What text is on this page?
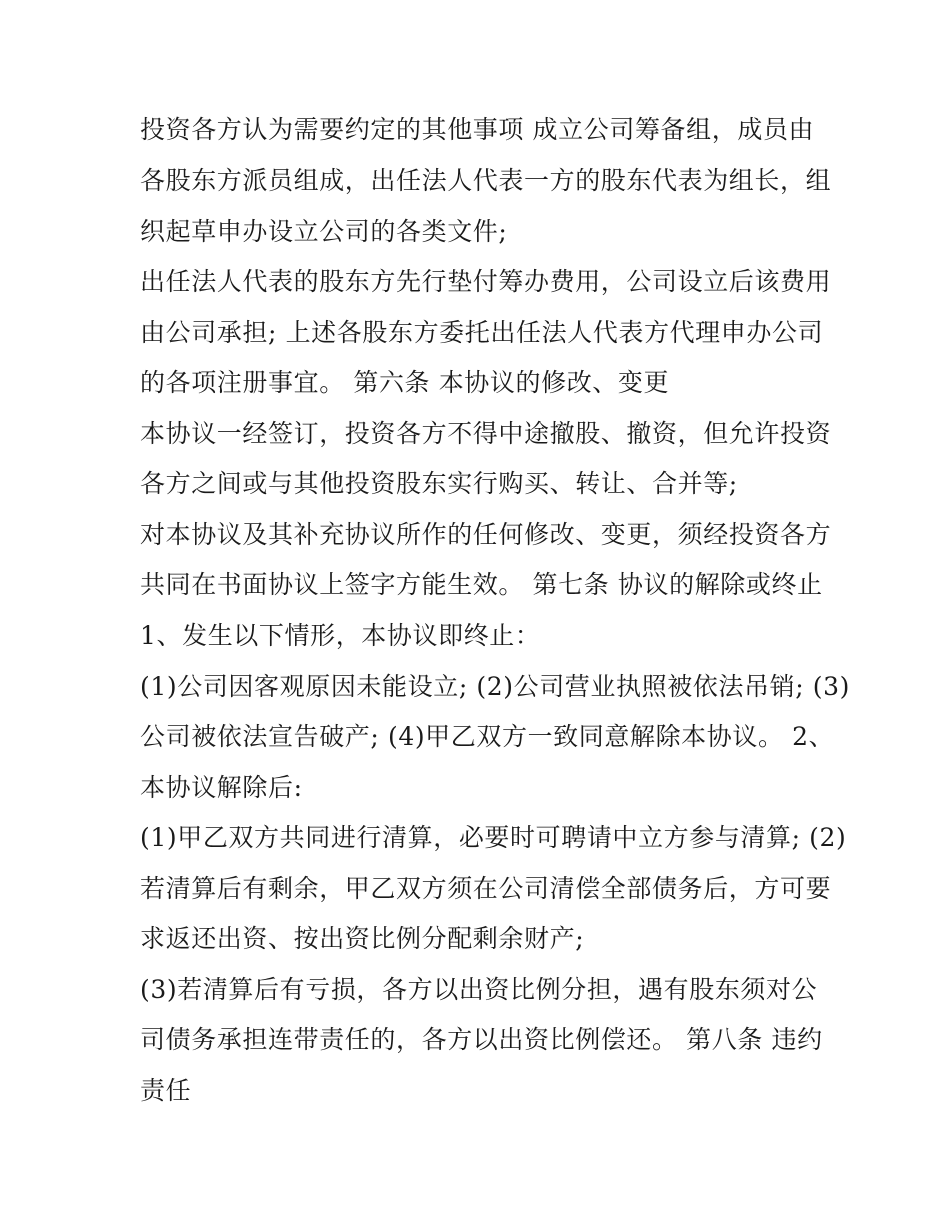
投资各方认为需要约定的其他事项 成立公司筹备组，成员由
各股东方派员组成，出任法人代表一方的股东代表为组长，组
织起草申办设立公司的各类文件;
出任法人代表的股东方先行垫付筹办费用，公司设立后该费用
由公司承担; 上述各股东方委托出任法人代表方代理申办公司
的各项注册事宜。 第六条 本协议的修改、变更
本协议一经签订，投资各方不得中途撤股、撤资，但允许投资
各方之间或与其他投资股东实行购买、转让、合并等;
对本协议及其补充协议所作的任何修改、变更，须经投资各方
共同在书面协议上签字方能生效。 第七条 协议的解除或终止
1、发生以下情形，本协议即终止：
(1)公司因客观原因未能设立; (2)公司营业执照被依法吊销; (3)
公司被依法宣告破产; (4)甲乙双方一致同意解除本协议。 2、
本协议解除后:
(1)甲乙双方共同进行清算，必要时可聘请中立方参与清算; (2)
若清算后有剩余，甲乙双方须在公司清偿全部债务后，方可要
求返还出资、按出资比例分配剩余财产;
(3)若清算后有亏损，各方以出资比例分担，遇有股东须对公
司债务承担连带责任的，各方以出资比例偿还。 第八条 违约
责任
